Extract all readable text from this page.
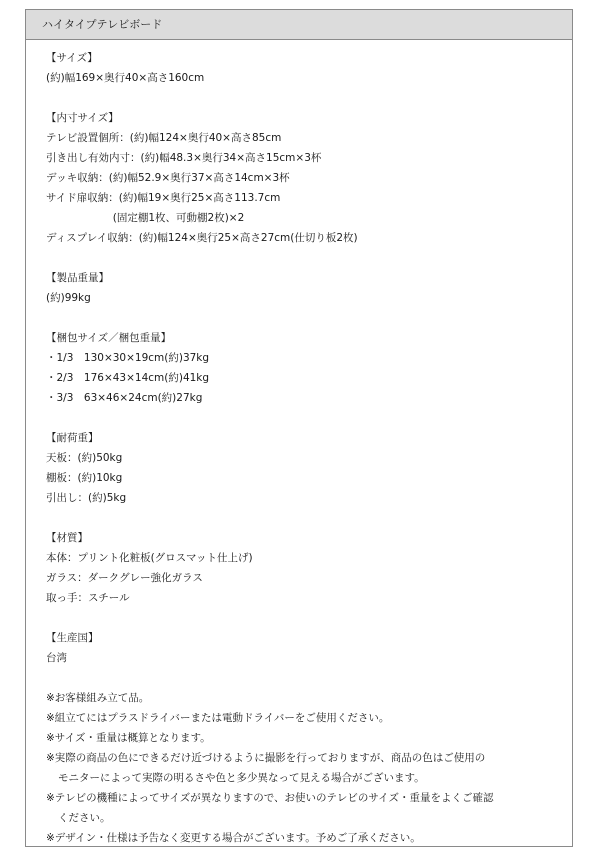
ハイタイプテレビボード
【サイズ】
(約)幅169×奥行40×高さ160cm
【内寸サイズ】
テレビ設置個所：(約)幅124×奥行40×高さ85cm
引き出し有効内寸：(約)幅48.3×奥行34×高さ15cm×3杯
デッキ収納：(約)幅52.9×奥行37×高さ14cm×3杯
サイド扉収納：(約)幅19×奥行25×高さ113.7cm
(固定棚1枚、可動棚2枚)×2
ディスプレイ収納：(約)幅124×奥行25×高さ27cm(仕切り板2枚)
【製品重量】
(約)99kg
【梱包サイズ／梱包重量】
・1/3　130×30×19cm(約)37kg
・2/3　176×43×14cm(約)41kg
・3/3　63×46×24cm(約)27kg
【耐荷重】
天板：(約)50kg
棚板：(約)10kg
引出し：(約)5kg
【材質】
本体：プリント化粧板(グロスマット仕上げ)
ガラス：ダークグレー強化ガラス
取っ手：スチール
【生産国】
台湾
※お客様組み立て品。
※組立てにはプラスドライバーまたは電動ドライバーをご使用ください。
※サイズ・重量は概算となります。
※実際の商品の色にできるだけ近づけるように撮影を行っておりますが、商品の色はご使用の
モニターによって実際の明るさや色と多少異なって見える場合がございます。
※テレビの機種によってサイズが異なりますので、お使いのテレビのサイズ・重量をよくご確認
ください。
※デザイン・仕様は予告なく変更する場合がございます。予めご了承ください。
